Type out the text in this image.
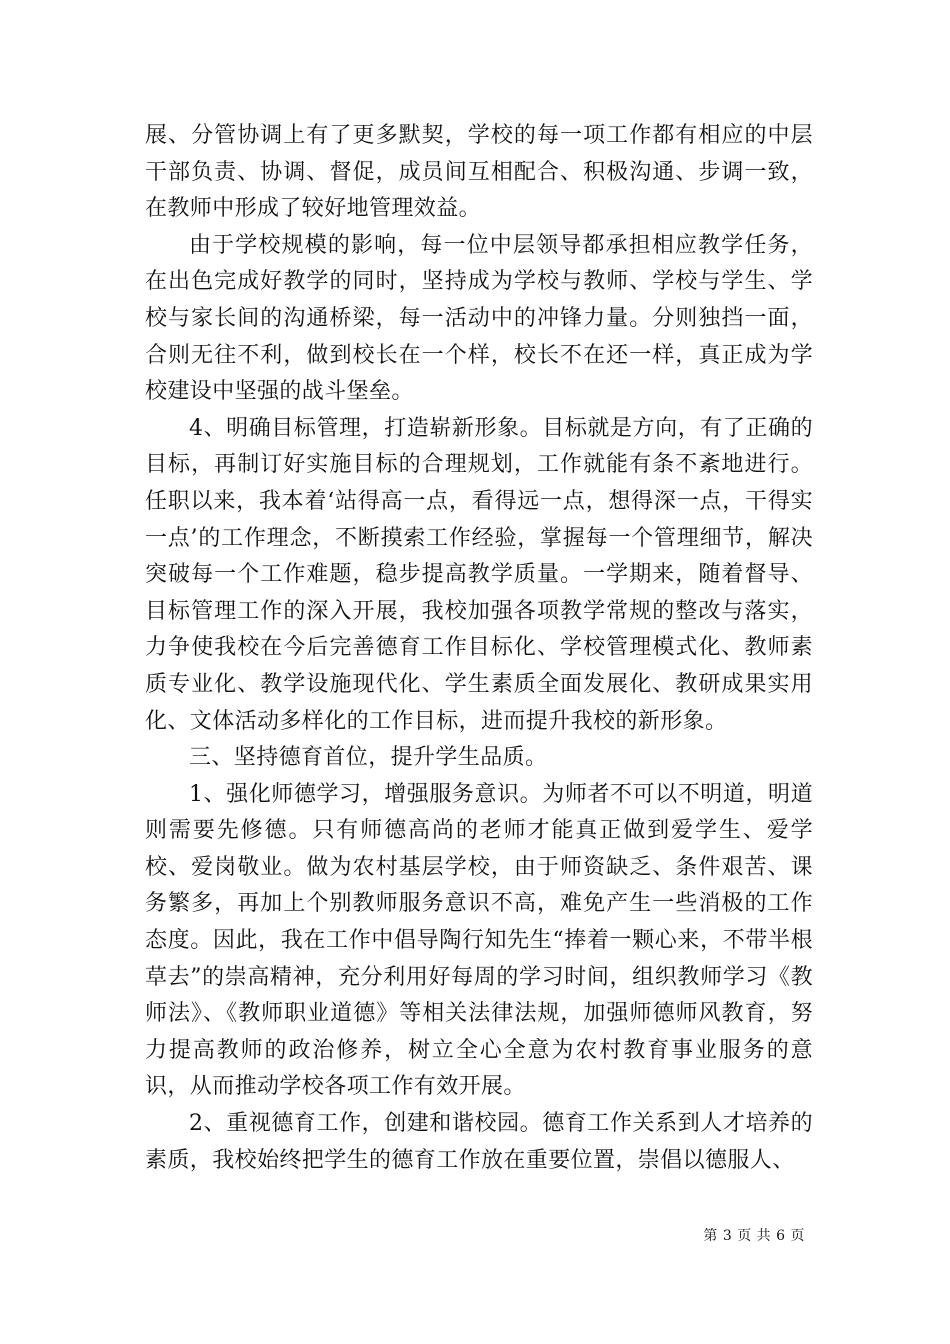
展、分管协调上有了更多默契，学校的每一项工作都有相应的中层干部负责、协调、督促，成员间互相配合、积极沟通、步调一致，在教师中形成了较好地管理效益。

由于学校规模的影响，每一位中层领导都承担相应教学任务，在出色完成好教学的同时，坚持成为学校与教师、学校与学生、学校与家长间的沟通桥梁，每一活动中的冲锋力量。分则独挡一面，合则无往不利，做到校长在一个样，校长不在还一样，真正成为学校建设中坚强的战斗堡垒。

4、明确目标管理，打造崭新形象。目标就是方向，有了正确的目标，再制订好实施目标的合理规划，工作就能有条不紊地进行。任职以来，我本着‘站得高一点，看得远一点，想得深一点，干得实一点’的工作理念，不断摸索工作经验，掌握每一个管理细节，解决突破每一个工作难题，稳步提高教学质量。一学期来，随着督导、目标管理工作的深入开展，我校加强各项教学常规的整改与落实，力争使我校在今后完善德育工作目标化、学校管理模式化、教师素质专业化、教学设施现代化、学生素质全面发展化、教研成果实用化、文体活动多样化的工作目标，进而提升我校的新形象。

三、坚持德育首位，提升学生品质。

1、强化师德学习，增强服务意识。为师者不可以不明道，明道则需要先修德。只有师德高尚的老师才能真正做到爱学生、爱学校、爱岗敬业。做为农村基层学校，由于师资缺乏、条件艰苦、课务繁多，再加上个别教师服务意识不高，难免产生一些消极的工作态度。因此，我在工作中倡导陶行知先生“捧着一颗心来，不带半根草去”的崇高精神，充分利用好每周的学习时间，组织教师学习《教师法》、《教师职业道德》等相关法律法规，加强师德师风教育，努力提高教师的政治修养，树立全心全意为农村教育事业服务的意识，从而推动学校各项工作有效开展。

2、重视德育工作，创建和谐校园。德育工作关系到人才培养的素质，我校始终把学生的德育工作放在重要位置，崇倡以德服人、

第 3 页 共 6 页
